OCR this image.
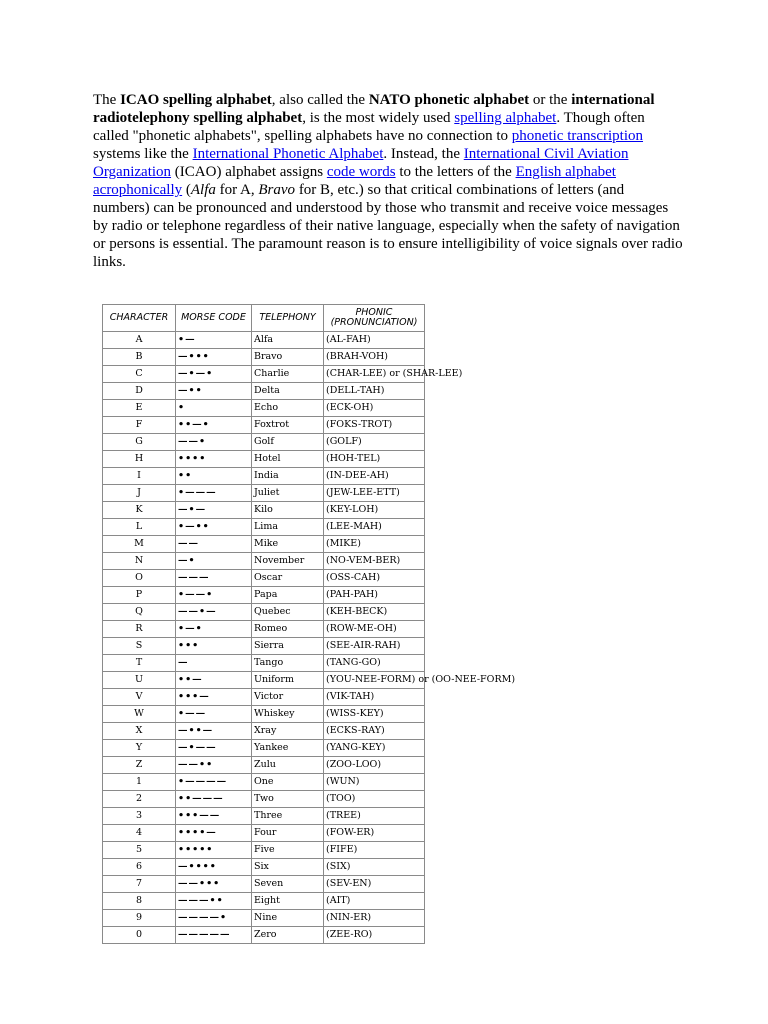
The ICAO spelling alphabet, also called the NATO phonetic alphabet or the international radiotelephony spelling alphabet, is the most widely used spelling alphabet. Though often called "phonetic alphabets", spelling alphabets have no connection to phonetic transcription systems like the International Phonetic Alphabet. Instead, the International Civil Aviation Organization (ICAO) alphabet assigns code words to the letters of the English alphabet acrophonically (Alfa for A, Bravo for B, etc.) so that critical combinations of letters (and numbers) can be pronounced and understood by those who transmit and receive voice messages by radio or telephone regardless of their native language, especially when the safety of navigation or persons is essential. The paramount reason is to ensure intelligibility of voice signals over radio links.
CHARACTER	MORSE CODE	TELEPHONY	PHONIC (PRONUNCIATION)
A	•—	Alfa	(AL-FAH)
B	—•••	Bravo	(BRAH-VOH)
C	—•—•	Charlie	(CHAR-LEE) or (SHAR-LEE)
D	—••	Delta	(DELL-TAH)
E	•	Echo	(ECK-OH)
F	••—•	Foxtrot	(FOKS-TROT)
G	——•	Golf	(GOLF)
H	••••	Hotel	(HOH-TEL)
I	••	India	(IN-DEE-AH)
J	•———	Juliet	(JEW-LEE-ETT)
K	—•—	Kilo	(KEY-LOH)
L	•—••	Lima	(LEE-MAH)
M	——	Mike	(MIKE)
N	—•	November	(NO-VEM-BER)
O	———	Oscar	(OSS-CAH)
P	•——•	Papa	(PAH-PAH)
Q	——•—	Quebec	(KEH-BECK)
R	•—•	Romeo	(ROW-ME-OH)
S	•••	Sierra	(SEE-AIR-RAH)
T	—	Tango	(TANG-GO)
U	••—	Uniform	(YOU-NEE-FORM) or (OO-NEE-FORM)
V	•••—	Victor	(VIK-TAH)
W	•——	Whiskey	(WISS-KEY)
X	—••—	Xray	(ECKS-RAY)
Y	—•——	Yankee	(YANG-KEY)
Z	——••	Zulu	(ZOO-LOO)
1	•————	One	(WUN)
2	••———	Two	(TOO)
3	•••——	Three	(TREE)
4	••••—	Four	(FOW-ER)
5	•••••	Five	(FIFE)
6	—••••	Six	(SIX)
7	——•••	Seven	(SEV-EN)
8	———••	Eight	(AIT)
9	————•	Nine	(NIN-ER)
0	—————	Zero	(ZEE-RO)
